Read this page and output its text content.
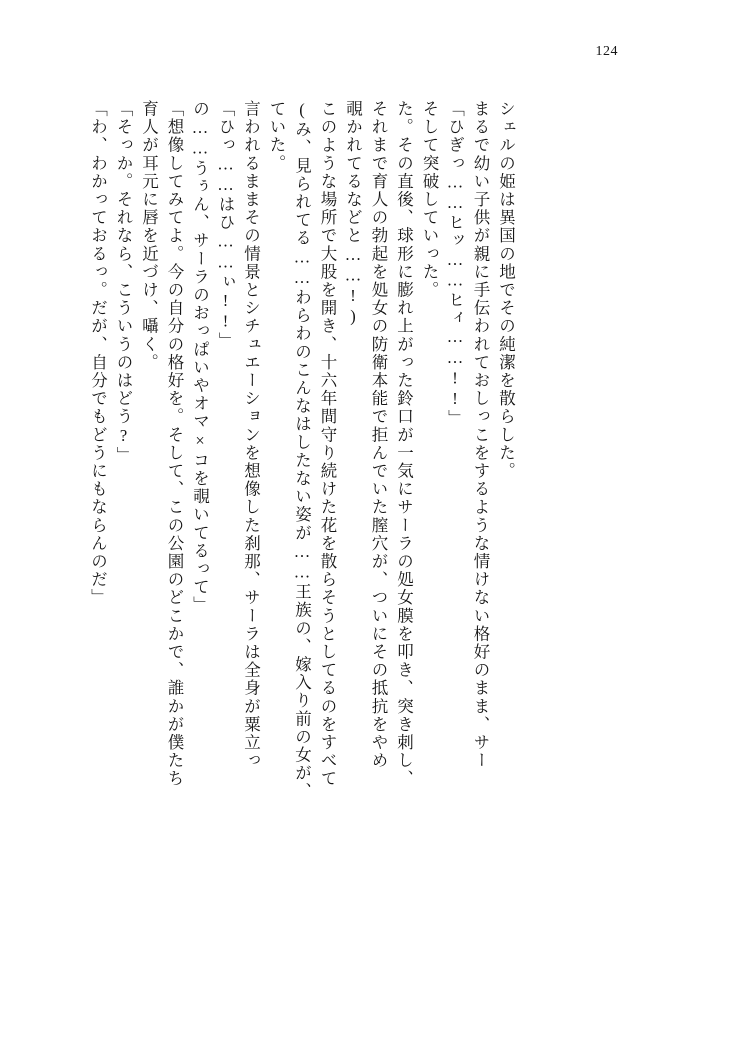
124
「わ、わかっておるっ。だが、自分でもどうにもならんのだ」 「そっか。それなら、こういうのはどう?」 育人が耳元に唇を近づけ、囁く。 「想像してみてよ。今の自分の格好を。そして、この公園のどこかで、誰かが僕たち の……うぅん、サーラのおっぱいやオマ×コを覗いてるって」 「ひっ……はひ……ぃ!!」 言われるままその情景とシチュエーションを想像した刹那、サーラは全身が粟立っ ていた。 (み、見られてる……わらわのこんなはしたない姿が……王族の、嫁入り前の女が、 このような場所で大股を開き、十六年間守り続けた花を散らそうとしてるのをすべて 覗かれてるなどと……!) それまで育人の勃起を処女の防衛本能で拒んでいた膣穴が、ついにその抵抗をやめ た。その直後、球形に膨れ上がった鈴口が一気にサーラの処女膜を叩き、突き刺し、 そして突破していった。 「ひぎっ……ヒッ……ヒィ……!!」 まるで幼い子供が親に手伝われておしっこをするような情けない格好のまま、サー シェルの姫は異国の地でその純潔を散らした。
